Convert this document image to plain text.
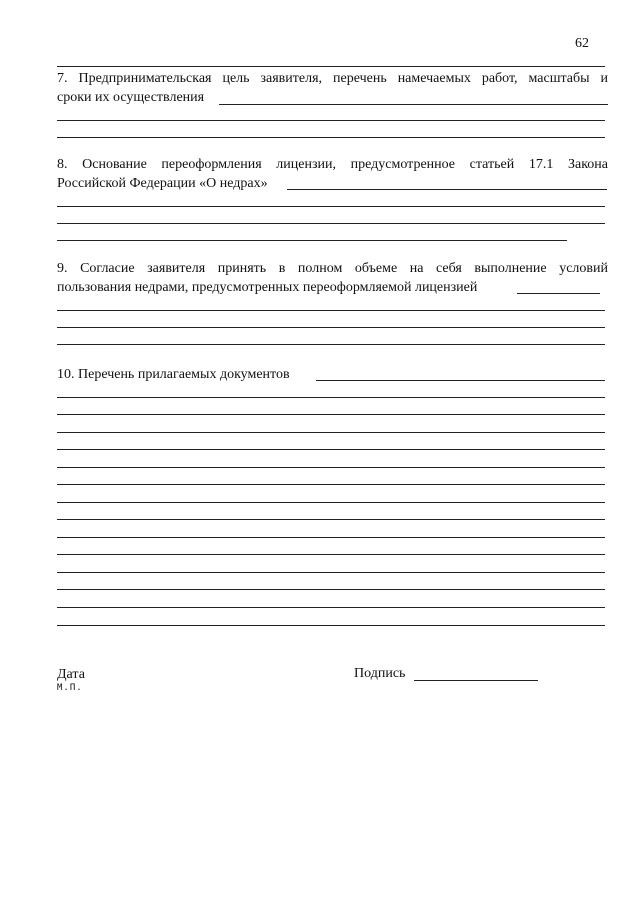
62
7. Предпринимательская цель заявителя, перечень намечаемых работ, масштабы и
сроки их осуществления
8. Основание переоформления лицензии, предусмотренное статьей 17.1 Закона
Российской Федерации «О недрах»
9. Согласие заявителя принять в полном объеме на себя выполнение условий
пользования недрами, предусмотренных переоформляемой лицензией
10. Перечень прилагаемых документов
Дата
М.П.
Подпись
